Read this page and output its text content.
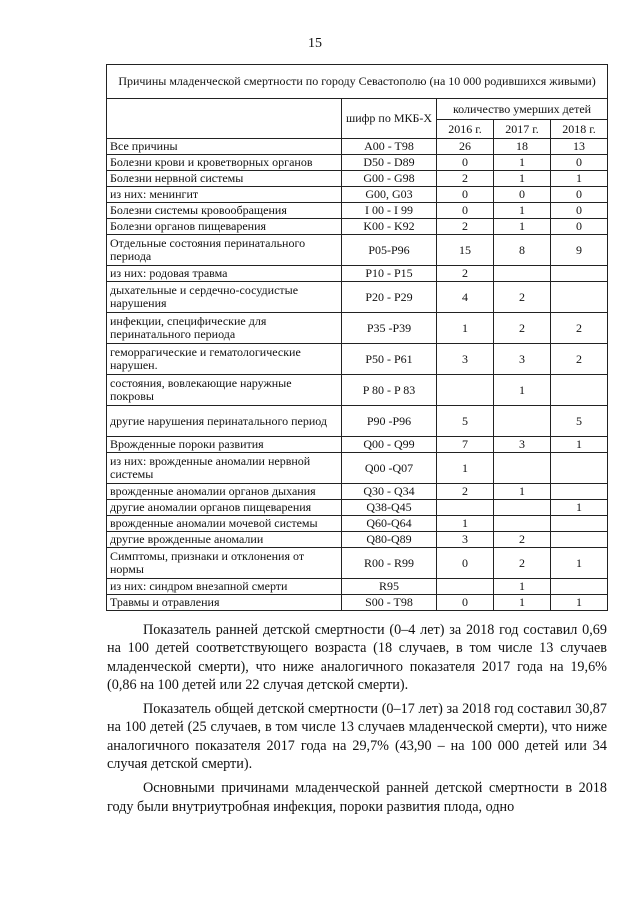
15
Причины младенческой смертности по городу Севастополю (на 10 000 родившихся живыми)				
	шифр по МКБ-Х	количество умерших детей		
		2016 г.	2017 г.	2018 г.
Все причины	A00 - T98	26	18	13
Болезни крови и кроветворных органов	D50 - D89	0	1	0
Болезни нервной системы	G00 - G98	2	1	1
из них: менингит	G00, G03	0	0	0
Болезни системы кровообращения	I 00 - I 99	0	1	0
Болезни органов пищеварения	K00 - K92	2	1	0
Отдельные состояния перинатального периода	P05-P96	15	8	9
из них: родовая травма	P10 - P15	2		
дыхательные и сердечно-сосудистые нарушения	P20 - P29	4	2	
инфекции, специфические для перинатального периода	P35 -P39	1	2	2
геморрагические и гематологические нарушен.	P50 - P61	3	3	2
состояния, вовлекающие наружные покровы	P 80 - P 83		1	
другие нарушения перинатального период	P90 -P96	5		5
Врожденные пороки развития	Q00 - Q99	7	3	1
из них: врожденные аномалии нервной системы	Q00 -Q07	1		
врожденные аномалии органов дыхания	Q30 - Q34	2	1	
другие аномалии органов пищеварения	Q38-Q45			1
врожденные аномалии мочевой системы	Q60-Q64	1		
другие врожденные аномалии	Q80-Q89	3	2	
Симптомы, признаки и отклонения от нормы	R00 - R99	0	2	1
из них: синдром внезапной смерти	R95		1	
Травмы и отравления	S00 - T98	0	1	1

Показатель ранней детской смертности (0–4 лет) за 2018 год составил 0,69 на 100 детей соответствующего возраста (18 случаев, в том числе 13 случаев младенческой смерти), что ниже аналогичного показателя 2017 года на 19,6% (0,86 на 100 детей или 22 случая детской смерти).

Показатель общей детской смертности (0–17 лет) за 2018 год составил 30,87 на 100 детей (25 случаев, в том числе 13 случаев младенческой смерти), что ниже аналогичного показателя 2017 года на 29,7% (43,90 – на 100 000 детей или 34 случая детской смерти).

Основными причинами младенческой ранней детской смертности в 2018 году были внутриутробная инфекция, пороки развития плода, одно
